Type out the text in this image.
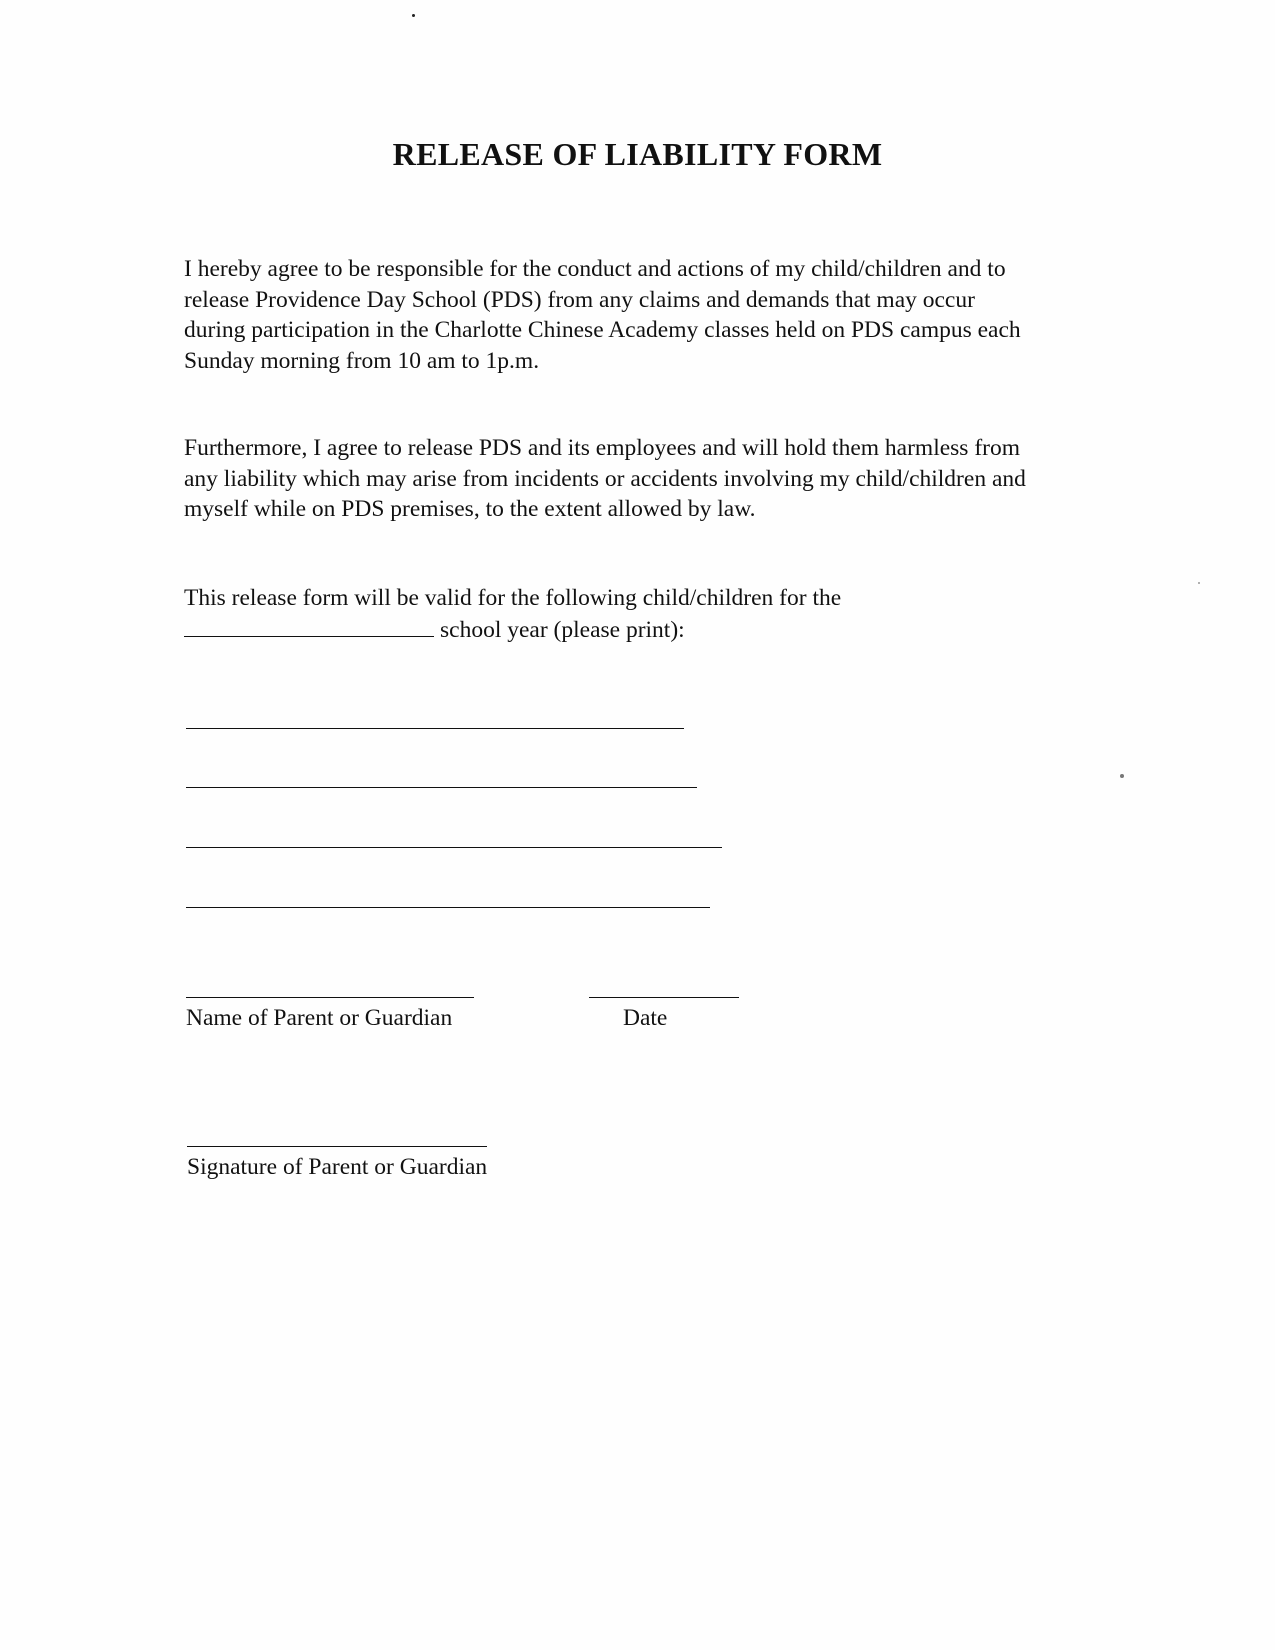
RELEASE OF LIABILITY FORM

I hereby agree to be responsible for the conduct and actions of my child/children and to
release Providence Day School (PDS) from any claims and demands that may occur
during participation in the Charlotte Chinese Academy classes held on PDS campus each
Sunday morning from 10 am to 1p.m.

Furthermore, I agree to release PDS and its employees and will hold them harmless from
any liability which may arise from incidents or accidents involving my child/children and
myself while on PDS premises, to the extent allowed by law.

This release form will be valid for the following child/children for the

school year (please print):

Name of Parent or Guardian	Date

Signature of Parent or Guardian
